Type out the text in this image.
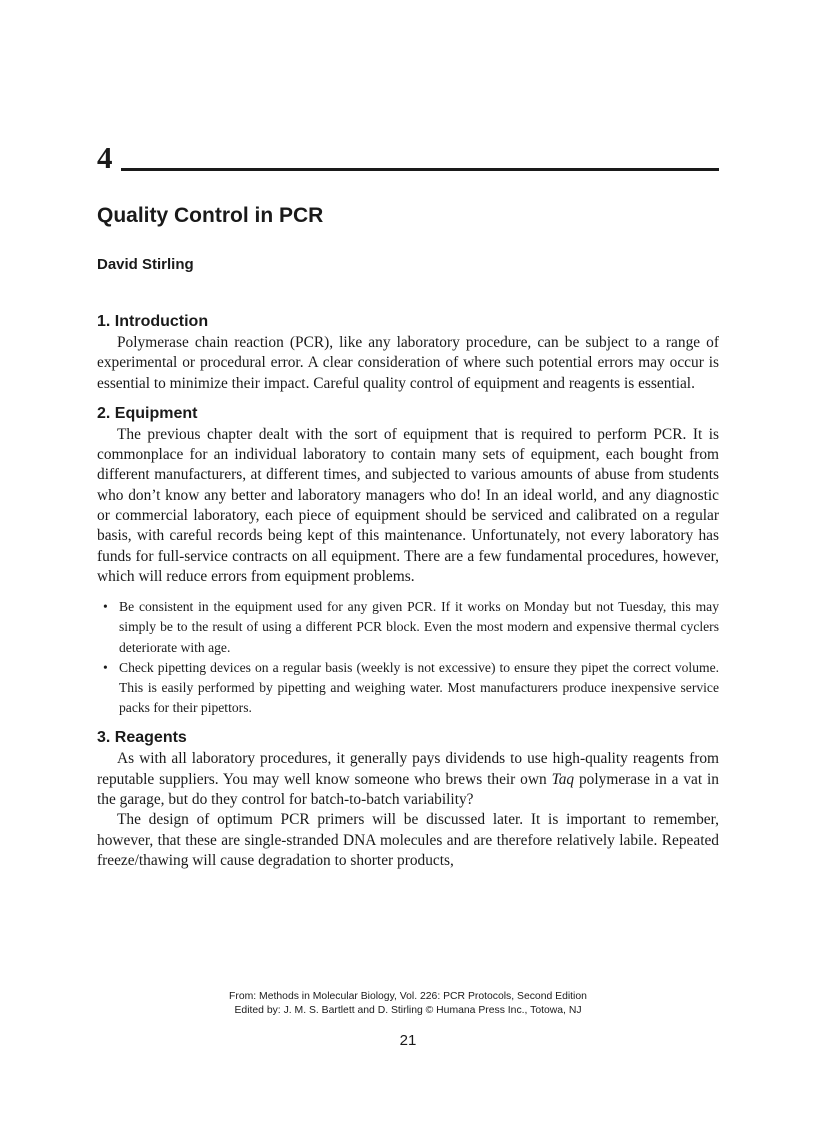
4
Quality Control in PCR
David Stirling
1. Introduction

Polymerase chain reaction (PCR), like any laboratory procedure, can be subject to a range of experimental or procedural error. A clear consideration of where such potential errors may occur is essential to minimize their impact. Careful quality control of equipment and reagents is essential.

2. Equipment

The previous chapter dealt with the sort of equipment that is required to perform PCR. It is commonplace for an individual laboratory to contain many sets of equipment, each bought from different manufacturers, at different times, and subjected to various amounts of abuse from students who don’t know any better and laboratory managers who do! In an ideal world, and any diagnostic or commercial laboratory, each piece of equipment should be serviced and calibrated on a regular basis, with careful records being kept of this maintenance. Unfortunately, not every laboratory has funds for full-service contracts on all equipment. There are a few fundamental procedures, however, which will reduce errors from equipment problems.

• Be consistent in the equipment used for any given PCR. If it works on Monday but not Tuesday, this may simply be to the result of using a different PCR block. Even the most modern and expensive thermal cyclers deteriorate with age.
• Check pipetting devices on a regular basis (weekly is not excessive) to ensure they pipet the correct volume. This is easily performed by pipetting and weighing water. Most manufacturers produce inexpensive service packs for their pipettors.
3. Reagents

As with all laboratory procedures, it generally pays dividends to use high-quality reagents from reputable suppliers. You may well know someone who brews their own Taq polymerase in a vat in the garage, but do they control for batch-to-batch variability?

The design of optimum PCR primers will be discussed later. It is important to remember, however, that these are single-stranded DNA molecules and are therefore relatively labile. Repeated freeze/thawing will cause degradation to shorter products,

From: Methods in Molecular Biology, Vol. 226: PCR Protocols, Second Edition
Edited by: J. M. S. Bartlett and D. Stirling © Humana Press Inc., Totowa, NJ
21
